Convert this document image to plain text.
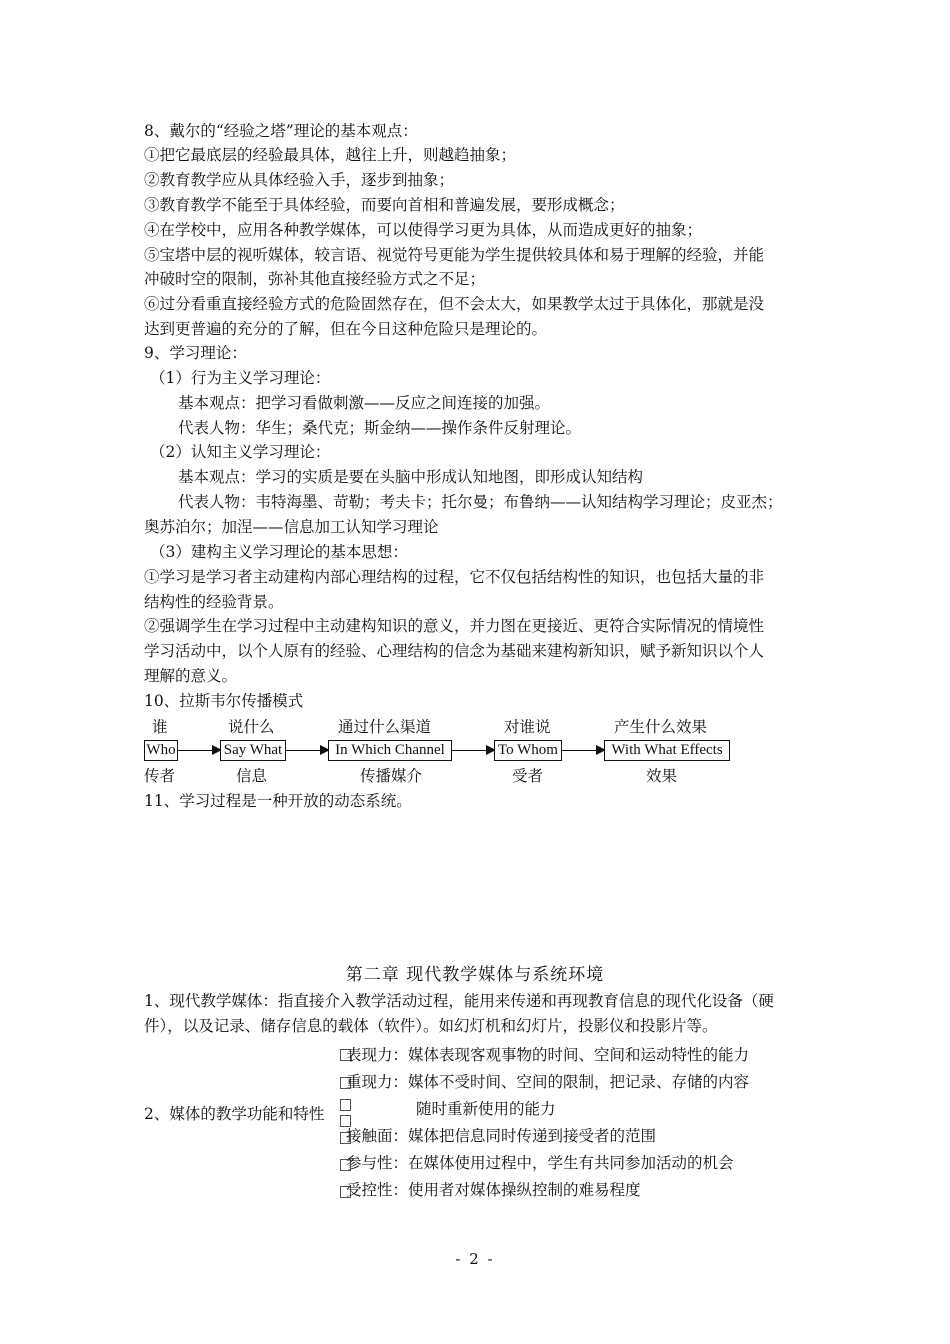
8、戴尔的“经验之塔”理论的基本观点：
①把它最底层的经验最具体，越往上升，则越趋抽象；
②教育教学应从具体经验入手，逐步到抽象；
③教育教学不能至于具体经验，而要向首相和普遍发展，要形成概念；
④在学校中，应用各种教学媒体，可以使得学习更为具体，从而造成更好的抽象；
⑤宝塔中层的视听媒体，较言语、视觉符号更能为学生提供较具体和易于理解的经验，并能
冲破时空的限制，弥补其他直接经验方式之不足；
⑥过分看重直接经验方式的危险固然存在，但不会太大，如果教学太过于具体化，那就是没
达到更普遍的充分的了解，但在今日这种危险只是理论的。
9、学习理论：
（1）行为主义学习理论：
基本观点：把学习看做刺激——反应之间连接的加强。
代表人物：华生；桑代克；斯金纳——操作条件反射理论。
（2）认知主义学习理论：
基本观点：学习的实质是要在头脑中形成认知地图，即形成认知结构
代表人物：韦特海墨、苛勒；考夫卡；托尔曼；布鲁纳——认知结构学习理论；皮亚杰；
奥苏泊尔；加涅——信息加工认知学习理论
（3）建构主义学习理论的基本思想：
①学习是学习者主动建构内部心理结构的过程，它不仅包括结构性的知识，也包括大量的非
结构性的经验背景。
②强调学生在学习过程中主动建构知识的意义，并力图在更接近、更符合实际情况的情境性
学习活动中，以个人原有的经验、心理结构的信念为基础来建构新知识，赋予新知识以个人
理解的意义。
10、拉斯韦尔传播模式
谁	说什么	通过什么渠道	对谁说	产生什么效果
Who	Say What	In Which Channel	To Whom	With What Effects
传者	信息	传播媒介	受者	效果
11、学习过程是一种开放的动态系统。
第二章 现代教学媒体与系统环境
1、现代教学媒体：指直接介入教学活动过程，能用来传递和再现教育信息的现代化设备（硬
件），以及记录、储存信息的载体（软件）。如幻灯机和幻灯片，投影仪和投影片等。
2、媒体的教学功能和特性
表现力：媒体表现客观事物的时间、空间和运动特性的能力
重现力：媒体不受时间、空间的限制，把记录、存储的内容
随时重新使用的能力
接触面：媒体把信息同时传递到接受者的范围
参与性：在媒体使用过程中，学生有共同参加活动的机会
受控性：使用者对媒体操纵控制的难易程度
- 2 -
